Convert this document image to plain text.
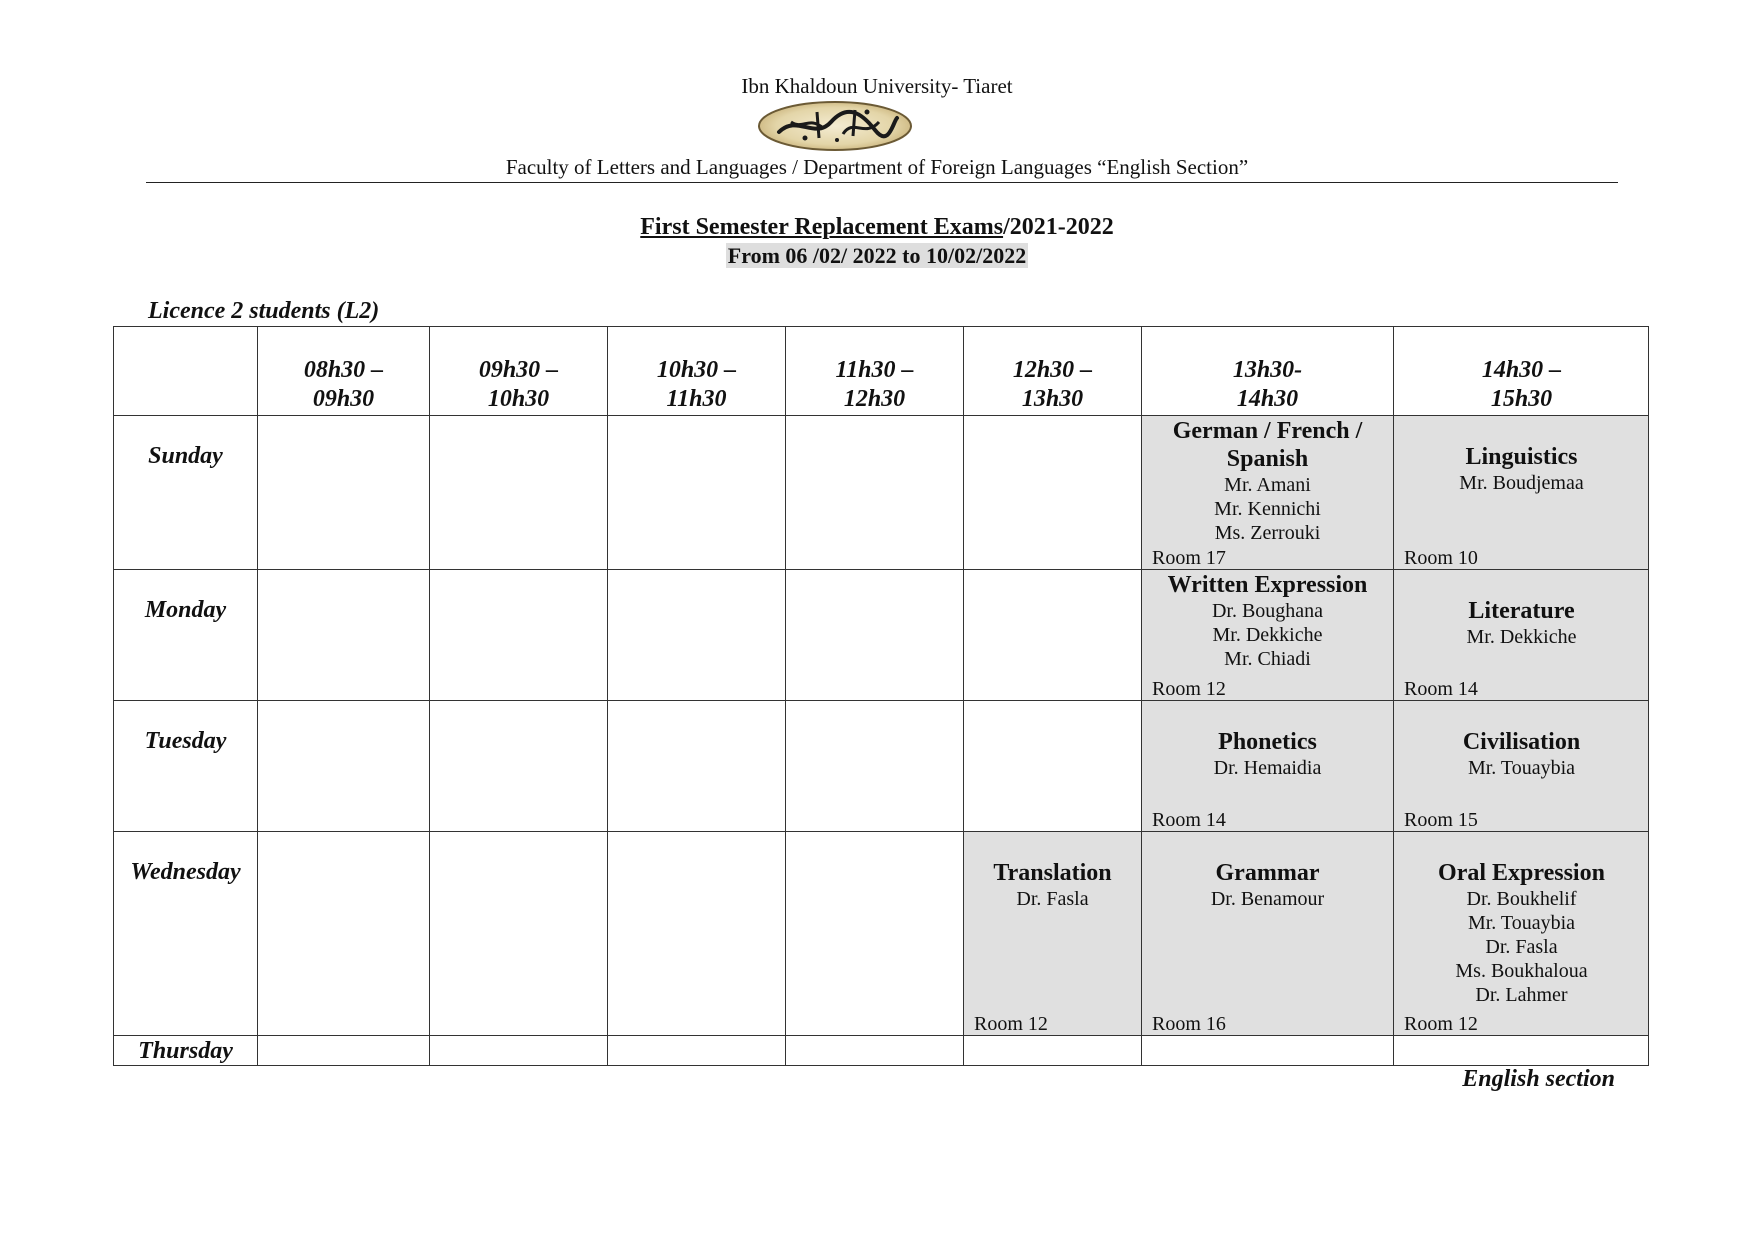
Ibn Khaldoun University- Tiaret
Faculty of Letters and Languages / Department of Foreign Languages “English Section”
First Semester Replacement Exams/2021-2022
From 06 /02/ 2022 to 10/02/2022
Licence 2 students (L2)
08h30 –
09h30
09h30 –
10h30
10h30 –
11h30
11h30 –
12h30
12h30 –
13h30
13h30-
14h30
14h30 –
15h30
Sunday
German / French /
Spanish
Mr. Amani
Mr. Kennichi
Ms. Zerrouki
Room 17
Linguistics
Mr. Boudjemaa
Room 10
Monday
Written Expression
Dr. Boughana
Mr. Dekkiche
Mr. Chiadi
Room 12
Literature
Mr. Dekkiche
Room 14
Tuesday	Phonetics
Dr. Hemaidia
Room 14
Civilisation
Mr. Touaybia
Room 15
Wednesday	Translation
Dr. Fasla
Room 12
Grammar
Dr. Benamour
Room 16
Oral Expression
Dr. Boukhelif
Mr. Touaybia
Dr. Fasla
Ms. Boukhaloua
Dr. Lahmer
Room 12
Thursday
English section
